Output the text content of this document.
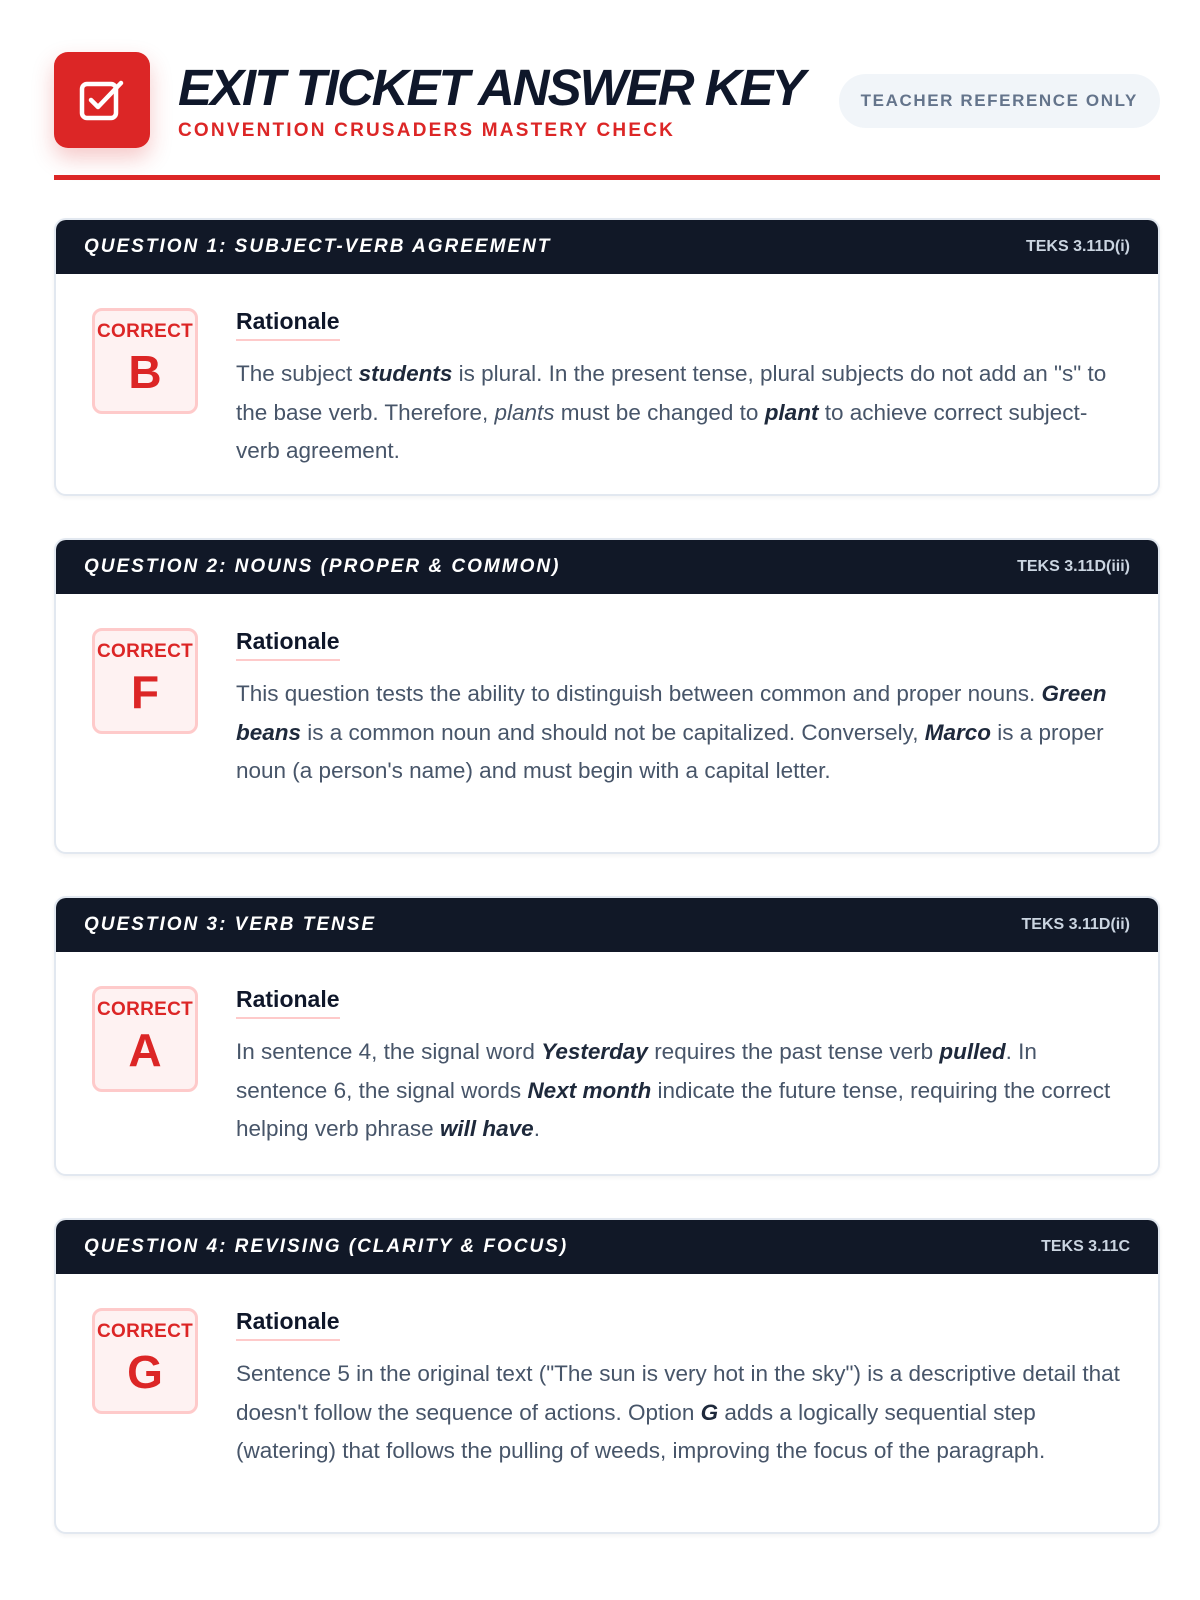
EXIT TICKET ANSWER KEY
CONVENTION CRUSADERS MASTERY CHECK
TEACHER REFERENCE ONLY
QUESTION 1: SUBJECT-VERB AGREEMENT	TEKS 3.11D(i)
CORRECT
B
Rationale

The subject students is plural. In the present tense, plural subjects do not add an "s" to the base verb. Therefore, plants must be changed to plant to achieve correct subject-verb agreement.

QUESTION 2: NOUNS (PROPER & COMMON)	TEKS 3.11D(iii)
CORRECT
F
Rationale

This question tests the ability to distinguish between common and proper nouns. Green beans is a common noun and should not be capitalized. Conversely, Marco is a proper noun (a person's name) and must begin with a capital letter.

QUESTION 3: VERB TENSE	TEKS 3.11D(ii)
CORRECT
A
Rationale

In sentence 4, the signal word Yesterday requires the past tense verb pulled. In sentence 6, the signal words Next month indicate the future tense, requiring the correct helping verb phrase will have.

QUESTION 4: REVISING (CLARITY & FOCUS)	TEKS 3.11C
CORRECT
G
Rationale

Sentence 5 in the original text ("The sun is very hot in the sky") is a descriptive detail that doesn't follow the sequence of actions. Option G adds a logically sequential step (watering) that follows the pulling of weeds, improving the focus of the paragraph.
